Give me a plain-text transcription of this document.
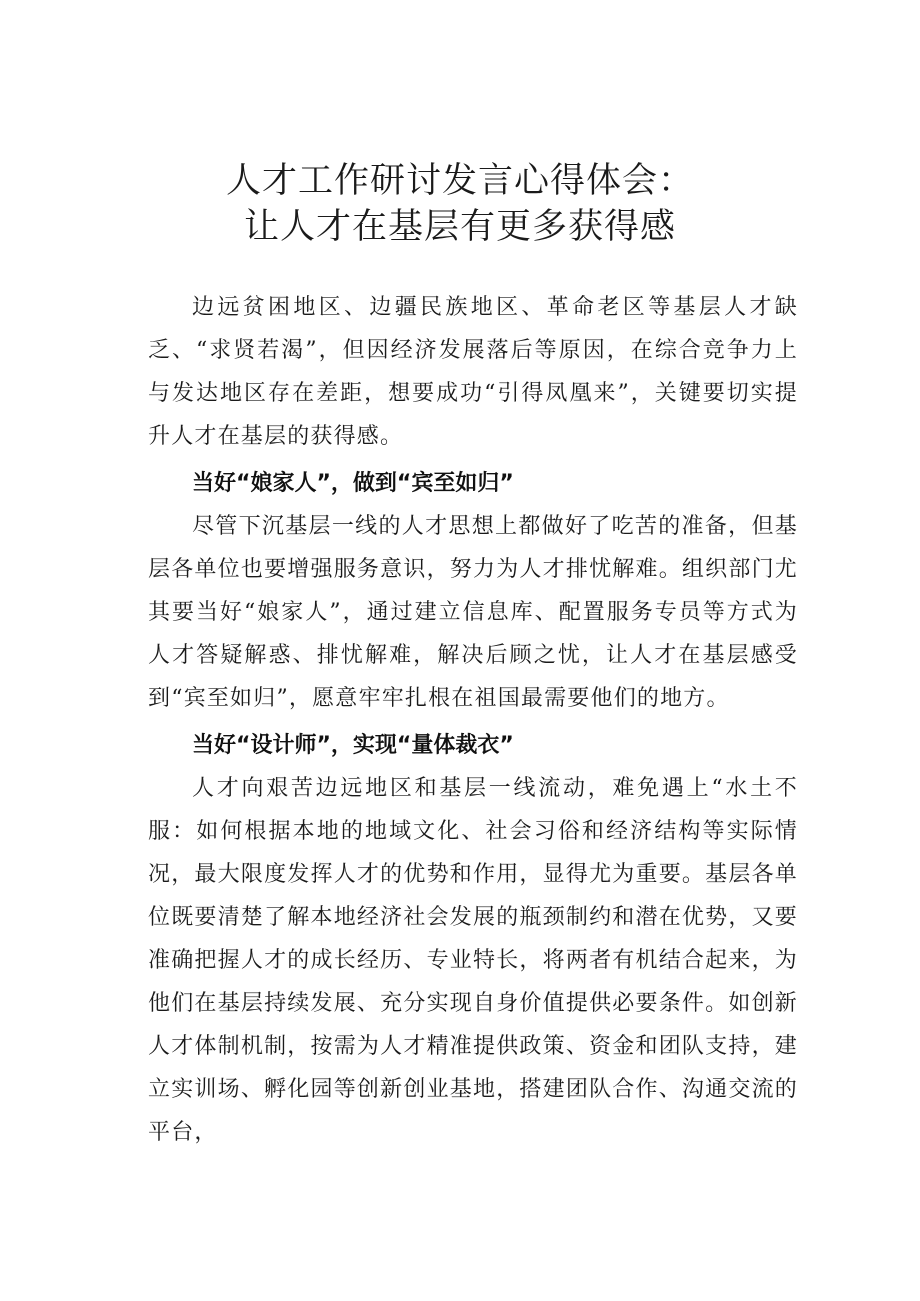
人才工作研讨发言心得体会：
让人才在基层有更多获得感

边远贫困地区、边疆民族地区、革命老区等基层人才缺乏、“求贤若渴”，但因经济发展落后等原因，在综合竞争力上与发达地区存在差距，想要成功“引得凤凰来”，关键要切实提升人才在基层的获得感。

当好“娘家人”，做到“宾至如归”

尽管下沉基层一线的人才思想上都做好了吃苦的准备，但基层各单位也要增强服务意识，努力为人才排忧解难。组织部门尤其要当好“娘家人”，通过建立信息库、配置服务专员等方式为人才答疑解惑、排忧解难，解决后顾之忧，让人才在基层感受到“宾至如归”，愿意牢牢扎根在祖国最需要他们的地方。

当好“设计师”，实现“量体裁衣”

人才向艰苦边远地区和基层一线流动，难免遇上“水土不服：如何根据本地的地域文化、社会习俗和经济结构等实际情况，最大限度发挥人才的优势和作用，显得尤为重要。基层各单位既要清楚了解本地经济社会发展的瓶颈制约和潜在优势，又要准确把握人才的成长经历、专业特长，将两者有机结合起来，为他们在基层持续发展、充分实现自身价值提供必要条件。如创新人才体制机制，按需为人才精准提供政策、资金和团队支持，建立实训场、孵化园等创新创业基地，搭建团队合作、沟通交流的平台，
